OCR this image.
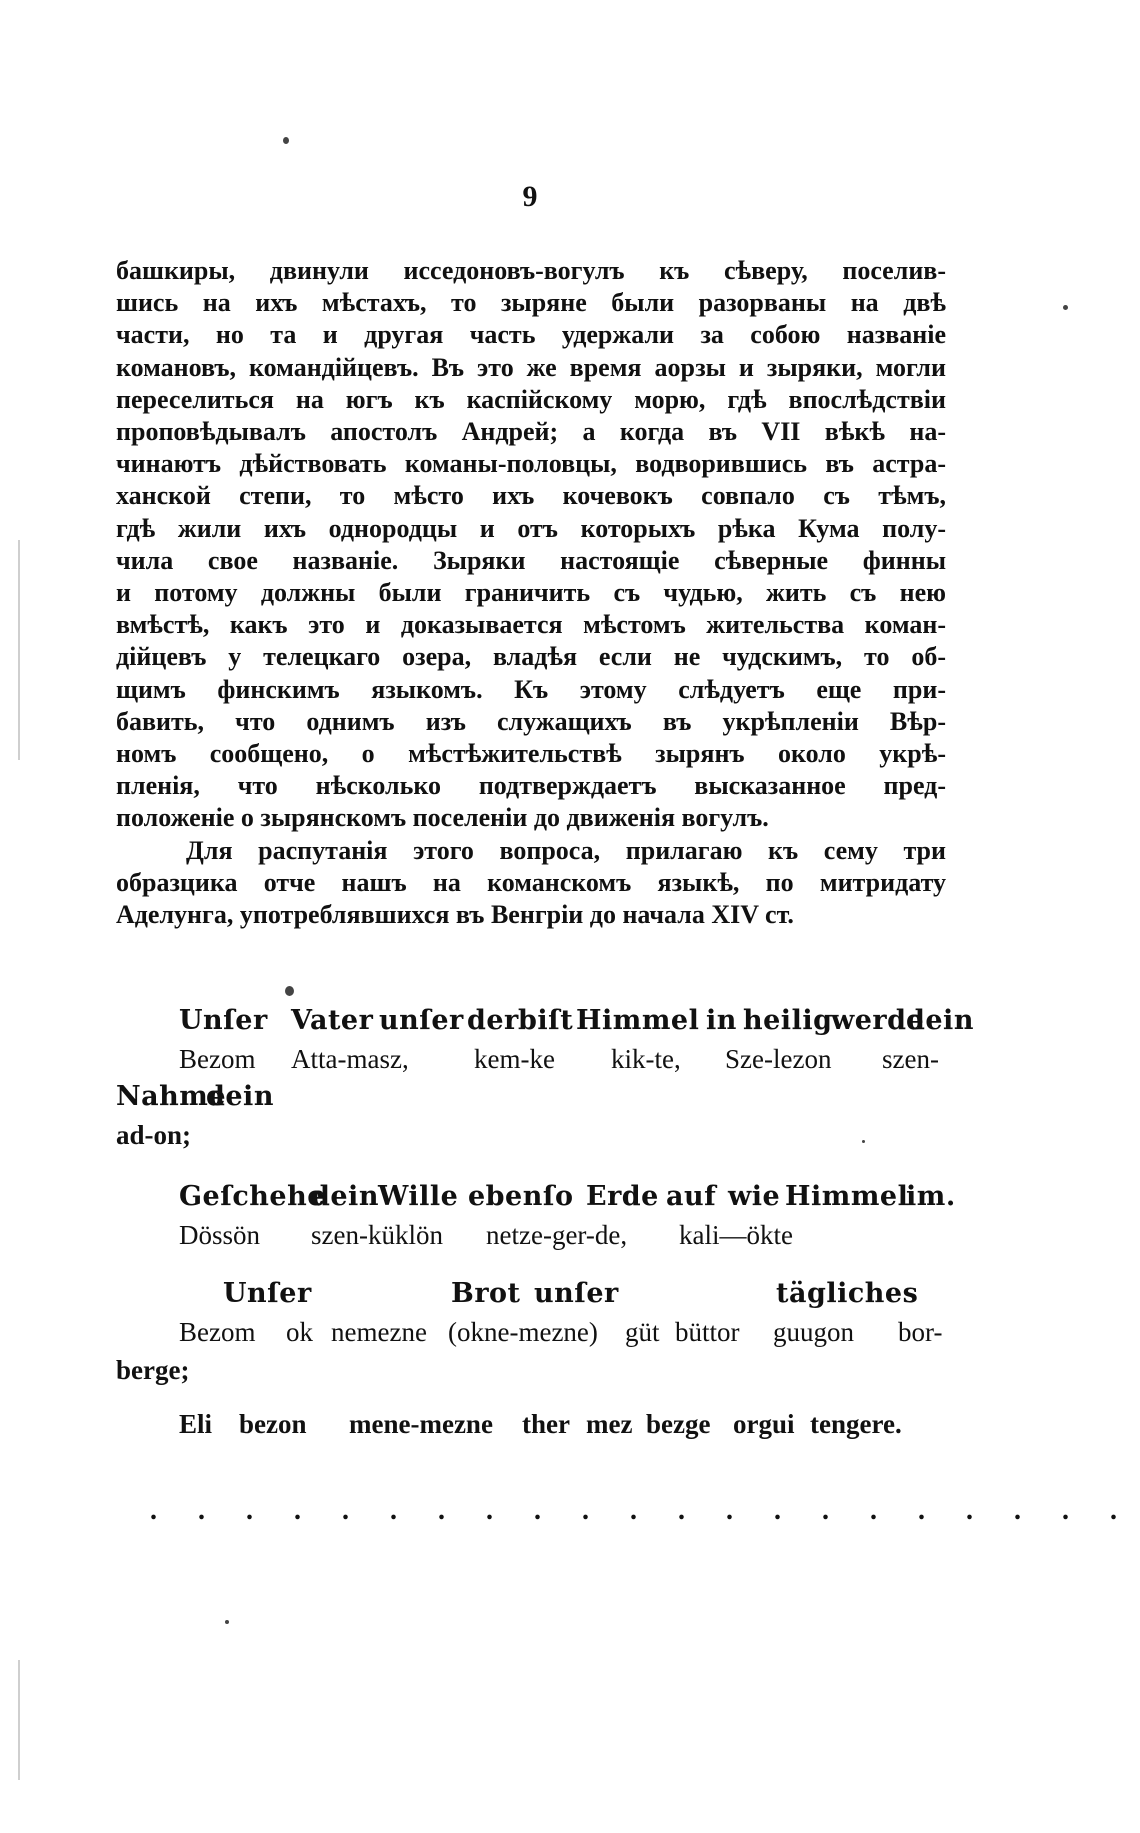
9
башкиры, двинули исседоновъ-вогулъ къ сѣверу, поселив-
шись на ихъ мѣстахъ, то зыряне были разорваны на двѣ
части, но та и другая часть удержали за собою названіе
комановъ, командійцевъ. Въ это же время аорзы и зыряки, могли
переселиться на югъ къ каспійскому морю, гдѣ впослѣдствіи
проповѣдывалъ апостолъ Андрей; а когда въ VII вѣкѣ на-
чинаютъ дѣйствовать команы-половцы, водворившись въ астра-
ханской степи, то мѣсто ихъ кочевокъ совпало съ тѣмъ,
гдѣ жили ихъ однородцы и отъ которыхъ рѣка Кума полу-
чила свое названіе. Зыряки настоящіе сѣверные финны
и потому должны были граничить съ чудью, жить съ нею
вмѣстѣ, какъ это и доказывается мѣстомъ жительства коман-
дійцевъ у телецкаго озера, владѣя если не чудскимъ, то об-
щимъ финскимъ языкомъ. Къ этому слѣдуетъ еще при-
бавить, что однимъ изъ служащихъ въ укрѣпленіи Вѣр-
номъ сообщено, о мѣстѣжительствѣ зырянъ около укрѣ-
пленія, что нѣсколько подтверждаетъ высказанное пред-
положеніе о зырянскомъ поселеніи до движенія вогулъ.
Для распутанія этого вопроса, прилагаю къ сему три
образцика отче нашъ на команскомъ языкѣ, по митридату
Аделунга, употреблявшихся въ Венгріи до начала XIV ст.
Unſer Vater unſer der biſt Himmel in heilig
werde
dein
Bezom Atta-masz, kem-ke kik-te, Sze-lezon szen-
Nahme
dein
ad-on;
Geſchehe
dein Wille ebenſo Erde auf wie Himmel
im.
Dössön szen-küklön netze-ger-de, kali—ökte
Unſer	Brot unſer	tägliches
Bezom ok nemezne (okne-mezne) güt büttor guugon bor-
berge;
Eli bezon mene-mezne ther mez bezge orgui tengere.
. . . . . . . . . . . . . . . . . . . . .
